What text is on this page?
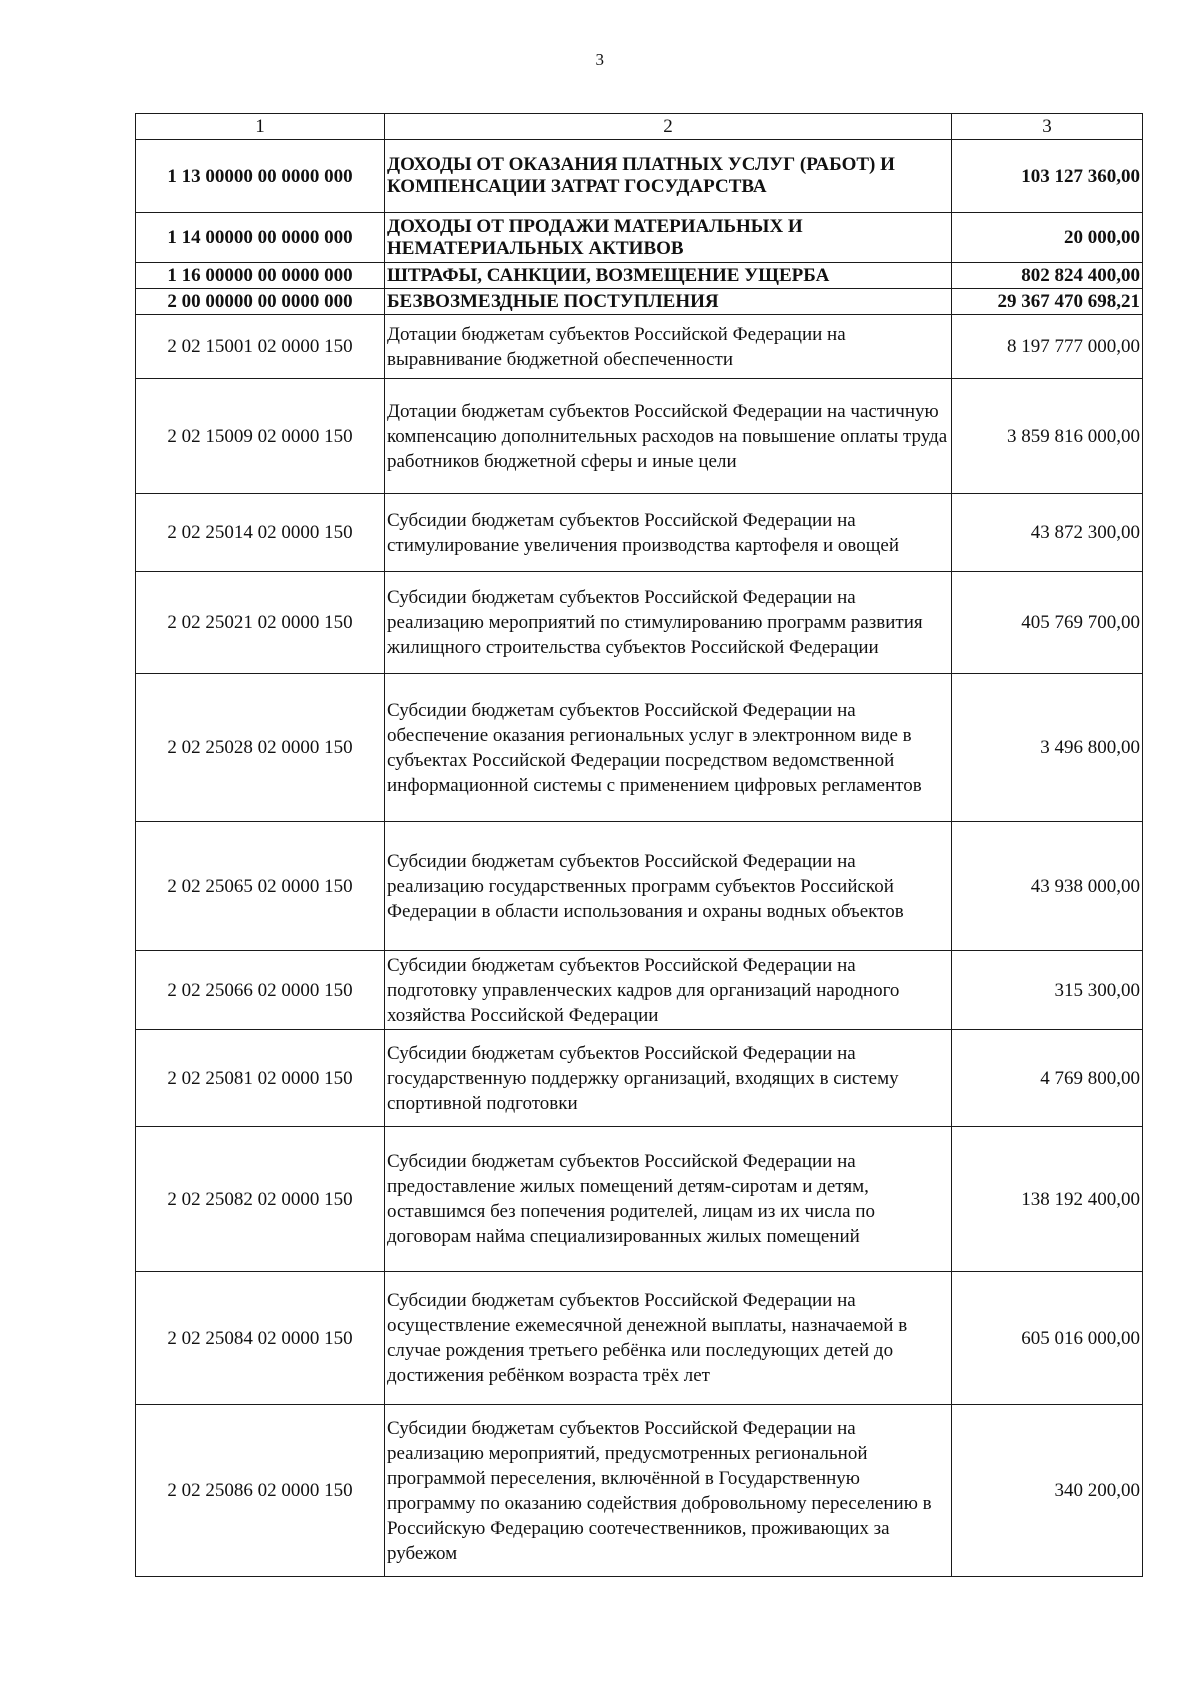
3
1	2	3
1 13 00000 00 0000 000	ДОХОДЫ ОТ ОКАЗАНИЯ ПЛАТНЫХ УСЛУГ (РАБОТ) И КОМПЕНСАЦИИ ЗАТРАТ ГОСУДАРСТВА	103 127 360,00
1 14 00000 00 0000 000	ДОХОДЫ ОТ ПРОДАЖИ МАТЕРИАЛЬНЫХ И НЕМАТЕРИАЛЬНЫХ АКТИВОВ	20 000,00
1 16 00000 00 0000 000	ШТРАФЫ, САНКЦИИ, ВОЗМЕЩЕНИЕ УЩЕРБА	802 824 400,00
2 00 00000 00 0000 000	БЕЗВОЗМЕЗДНЫЕ ПОСТУПЛЕНИЯ	29 367 470 698,21
2 02 15001 02 0000 150	Дотации бюджетам субъектов Российской Федерации на выравнивание бюджетной обеспеченности	8 197 777 000,00
2 02 15009 02 0000 150	Дотации бюджетам субъектов Российской Федерации на частичную компенсацию дополнительных расходов на повышение оплаты труда работников бюджетной сферы и иные цели	3 859 816 000,00
2 02 25014 02 0000 150	Субсидии бюджетам субъектов Российской Федерации на стимулирование увеличения производства картофеля и овощей	43 872 300,00
2 02 25021 02 0000 150	Субсидии бюджетам субъектов Российской Федерации на реализацию мероприятий по стимулированию программ развития жилищного строительства субъектов Российской Федерации	405 769 700,00
2 02 25028 02 0000 150	Субсидии бюджетам субъектов Российской Федерации на обеспечение оказания региональных услуг в электронном виде в субъектах Российской Федерации посредством ведомственной информационной системы с применением цифровых регламентов	3 496 800,00
2 02 25065 02 0000 150	Субсидии бюджетам субъектов Российской Федерации на реализацию государственных программ субъектов Российской Федерации в области использования и охраны водных объектов	43 938 000,00
2 02 25066 02 0000 150	Субсидии бюджетам субъектов Российской Федерации на подготовку управленческих кадров для организаций народного хозяйства Российской Федерации	315 300,00
2 02 25081 02 0000 150	Субсидии бюджетам субъектов Российской Федерации на государственную поддержку организаций, входящих в систему спортивной подготовки	4 769 800,00
2 02 25082 02 0000 150	Субсидии бюджетам субъектов Российской Федерации на предоставление жилых помещений детям-сиротам и детям, оставшимся без попечения родителей, лицам из их числа по договорам найма специализированных жилых помещений	138 192 400,00
2 02 25084 02 0000 150	Субсидии бюджетам субъектов Российской Федерации на осуществление ежемесячной денежной выплаты, назначаемой в случае рождения третьего ребёнка или последующих детей до достижения ребёнком возраста трёх лет	605 016 000,00
2 02 25086 02 0000 150	Субсидии бюджетам субъектов Российской Федерации на реализацию мероприятий, предусмотренных региональной программой переселения, включённой в Государственную программу по оказанию содействия добровольному переселению в Российскую Федерацию соотечественников, проживающих за рубежом	340 200,00
